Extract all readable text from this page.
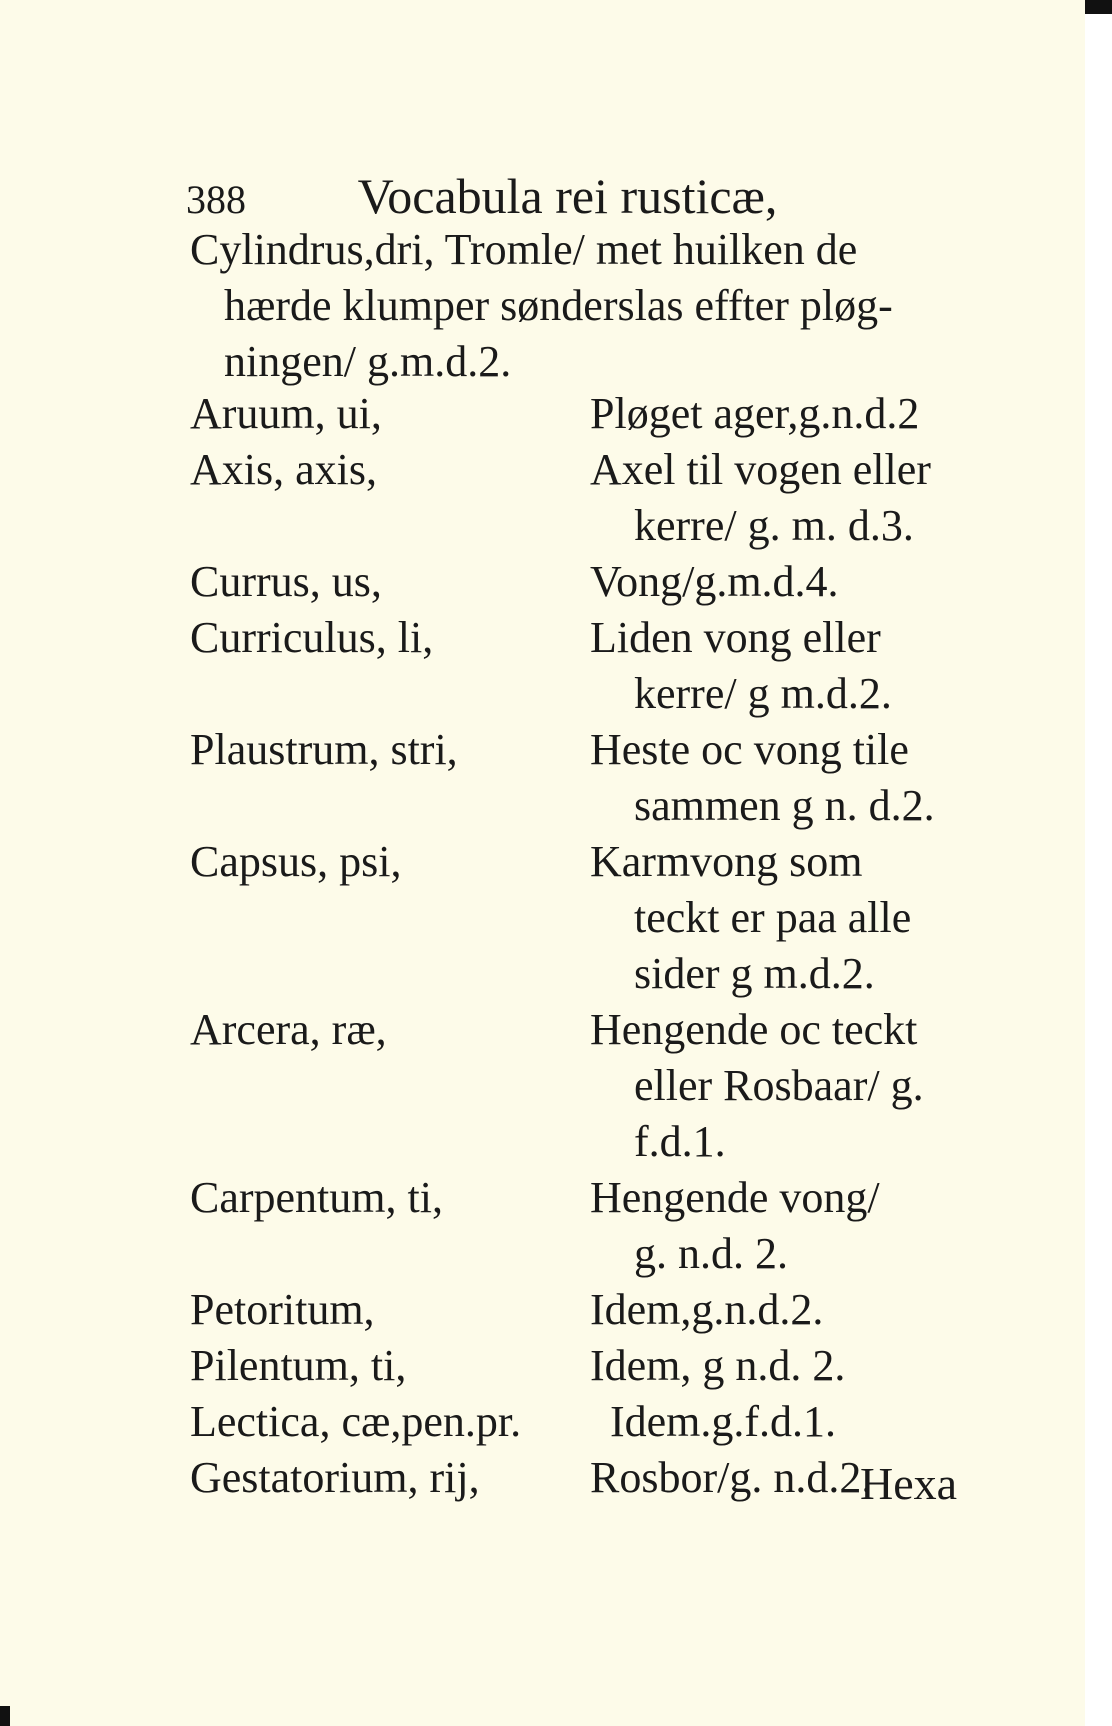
388 Vocabula rei rusticæ,
Cylindrus,dri, Tromle/ met huilken de
hærde klumper sønderslas effter pløg-
ningen/ g.m.d.2.
Aruum, ui,	Pløget ager,g.n.d.2
Axis, axis,	Axel til vogen eller
kerre/ g. m. d.3.
Currus, us,	Vong/g.m.d.4.
Curriculus, li,	Liden vong eller
kerre/ g m.d.2.
Plaustrum, stri,	Heste oc vong tile
sammen g n. d.2.
Capsus, psi,	Karmvong som
teckt er paa alle
sider g m.d.2.
Arcera, ræ,	Hengende oc teckt
eller Rosbaar/ g.
f.d.1.
Carpentum, ti,	Hengende vong/
g. n.d. 2.
Petoritum,	Idem,g.n.d.2.
Pilentum, ti,	Idem, g n.d. 2.
Lectica, cæ,pen.pr.	Idem.g.f.d.1.
Gestatorium, rij,	Rosbor/g. n.d.2.
Hexa
